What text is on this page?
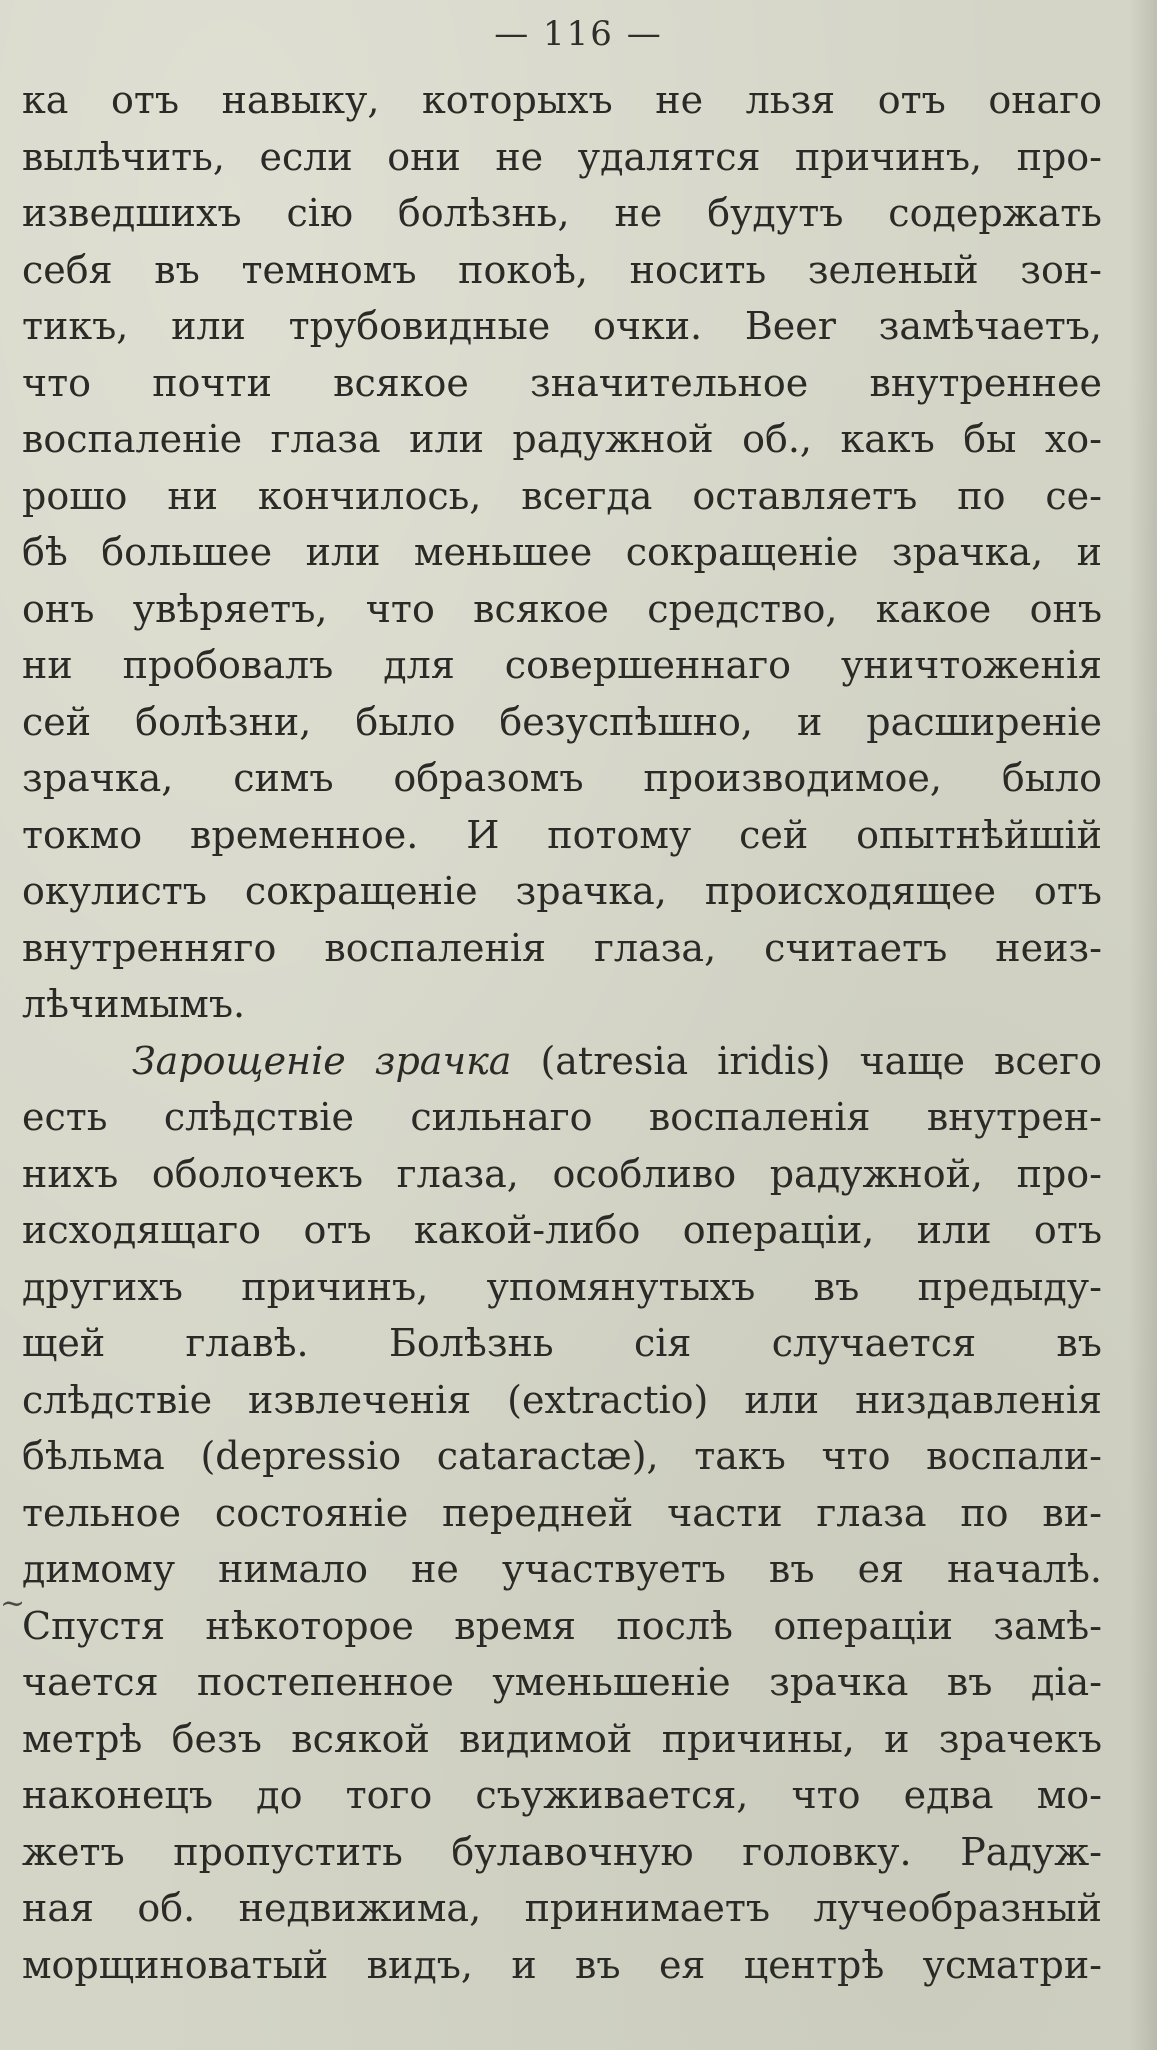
— 116 —
ка отъ навыку, которыхъ не льзя отъ онаго
вылѣчить, если они не удалятся причинъ, про-
изведшихъ сію болѣзнь, не будутъ содержать
себя въ темномъ покоѣ, носить зеленый зон-
тикъ, или трубовидные очки. Beer замѣчаетъ,
что почти всякое значительное внутреннее
воспаленіе глаза или радужной об., какъ бы хо-
рошо ни кончилось, всегда оставляетъ по се-
бѣ большее или меньшее сокращеніе зрачка, и
онъ увѣряетъ, что всякое средство, какое онъ
ни пробовалъ для совершеннаго уничтоженія
сей болѣзни, было безуспѣшно, и расширеніе
зрачка, симъ образомъ производимое, было
токмо временное. И потому сей опытнѣйшій
окулистъ сокращеніе зрачка, происходящее отъ
внутренняго воспаленія глаза, считаетъ неиз-
лѣчимымъ.
Зарощеніе зрачка (atresia iridis) чаще всего
есть слѣдствіе сильнаго воспаленія внутрен-
нихъ оболочекъ глаза, особливо радужной, про-
исходящаго отъ какой-либо операціи, или отъ
другихъ причинъ, упомянутыхъ въ предыду-
щей главѣ. Болѣзнь сія случается въ
слѣдствіе извлеченія (extractio) или низдавленія
бѣльма (depressio cataractæ), такъ что воспали-
тельное состояніе передней части глаза по ви-
димому нимало не участвуетъ въ ея началѣ.
Спустя нѣкоторое время послѣ операціи замѣ-
чается постепенное уменьшеніе зрачка въ діа-
метрѣ безъ всякой видимой причины, и зрачекъ
наконецъ до того съуживается, что едва мо-
жетъ пропустить булавочную головку. Радуж-
ная об. недвижима, принимаетъ лучеобразный
морщиноватый видъ, и въ ея центрѣ усматри-
~
